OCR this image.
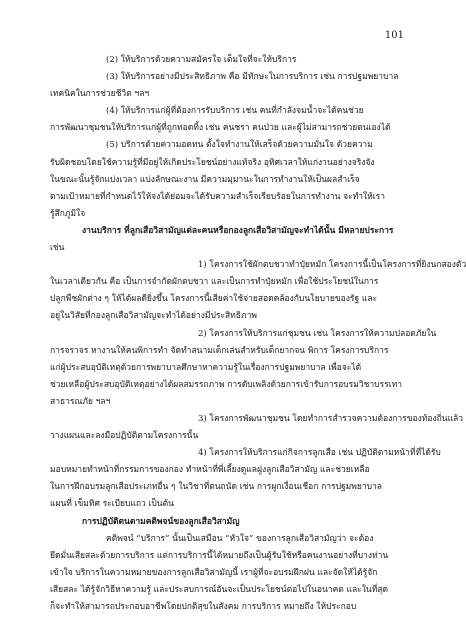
101
(2) ให้บริการด้วยความสมัครใจ เต็มใจที่จะให้บริการ
(3) ให้บริการอย่างมีประสิทธิภาพ คือ มีทักษะในการบริการ เช่น การปฐมพยาบาล
เทคนิคในการช่วยชีวิต ฯลฯ
(4) ให้บริการแก่ผู้ที่ต้องการรับบริการ เช่น คนที่กำลังจมน้ำจะได้คนช่วย
การพัฒนาชุมชนให้บริการแก่ผู้ที่ถูกทอดทิ้ง เช่น คนชรา คนป่วย และผู้ไม่สามารถช่วยตนเองได้
(5) บริการด้วยความอดทน ตั้งใจทำงานให้เสร็จด้วยความมั่นใจ ด้วยความ
รับผิดชอบโดยใช้ความรู้ที่มีอยู่ให้เกิดประโยชน์อย่างแท้จริง อุทิศเวลาให้แก่งานอย่างจริงจัง
ในขณะนั้นรู้จักแบ่งเวลา แบ่งลักษณะงาน มีความมุมานะในการทำงานให้เป็นผลสำเร็จ
ตามเป้าหมายที่กำหนดไว้ให้จงได้ย่อมจะได้รับความสำเร็จเรียบร้อยในการทำงาน จะทำให้เรา
รู้สึกภูมิใจ
งานบริการ ที่ลูกเสือวิสามัญแต่ละคนหรือกองลูกเสือวิสามัญจะทำได้นั้น มีหลายประการ
เช่น
1) โครงการใช้ผักตบชวาทำปุ๋ยหมัก โครงการนี้เป็นโครงการที่ยิงนกสองตัว
ในเวลาเดียวกัน คือ เป็นการจำกัดผักตบชวา และเป็นการทำปุ๋ยหมัก เพื่อใช้ประโยชน์ในการ
ปลูกพืชผักต่าง ๆ ให้ได้ผลดียิ่งขึ้น โครงการนี้เสียค่าใช้จ่ายสอดคล้องกับนโยบายของรัฐ และ
อยู่ในวิสัยที่กองลูกเสือวิสามัญจะทำได้อย่างมีประสิทธิภาพ
2) โครงการให้บริการแก่ชุมชน เช่น โครงการให้ความปลอดภัยใน
การจราจร หางานให้คนพิการทำ จัดทำสนามเด็กเล่นสำหรับเด็กยากจน พิการ โครงการบริการ
แก่ผู้ประสบอุบัติเหตุด้วยการพยาบาลศึกษาหาความรู้ในเรื่องการปฐมพยาบาล เพื่อจะได้
ช่วยเหลือผู้ประสบอุบัติเหตุอย่างได้ผลสมรรถภาพ การดับเพลิงด้วยการเข้ารับการอบรมวิชาบรรเทา
สาธารณภัย ฯลฯ
3) โครงการพัฒนาชุมชน โดยทำการสำรวจความต้องการของท้องถิ่นแล้ว
วางแผนและลงมือปฏิบัติตามโครงการนั้น
4) โครงการให้บริการแก่กิจการลูกเสือ เช่น ปฏิบัติตามหน้าที่ที่ได้รับ
มอบหมายทำหน้าที่กรรมการของกอง ทำหน้าที่พี่เลี้ยงดูแลฝูงลูกเสือวิสามัญ และช่วยเหลือ
ในการฝึกอบรมลูกเสือประเภทอื่น ๆ ในวิชาที่ตนถนัด เช่น การผูกเงื่อนเชือก การปฐมพยาบาล
แผนที่ เข็มทิศ ระเบียบแถว เป็นต้น
การปฏิบัติตนตามคติพจน์ของลูกเสือวิสามัญ
คติพจน์ “บริการ” นั้นเป็นเสมือน “หัวใจ” ของการลูกเสือวิสามัญว่า จะต้อง
ยึดมั่นเสียสละด้วยการบริการ แต่การบริการนี้ได้หมายถึงเป็นผู้รับใช้หรือคนงานอย่างที่บางท่าน
เข้าใจ บริการในความหมายของการลูกเสือวิสามัญนี้ เราผู้ที่จะอบรมฝึกฝน และจัดให้ได้รู้จัก
เสียสละ ได้รู้จักวิธีหาความรู้ และประสบการณ์อันจะเป็นประโยชน์ต่อไปในอนาคต และในที่สุด
ก็จะทำให้สามารถประกอบอาชีพโดยปกติสุขในสังคม การบริการ หมายถึง ให้ประกอบ
